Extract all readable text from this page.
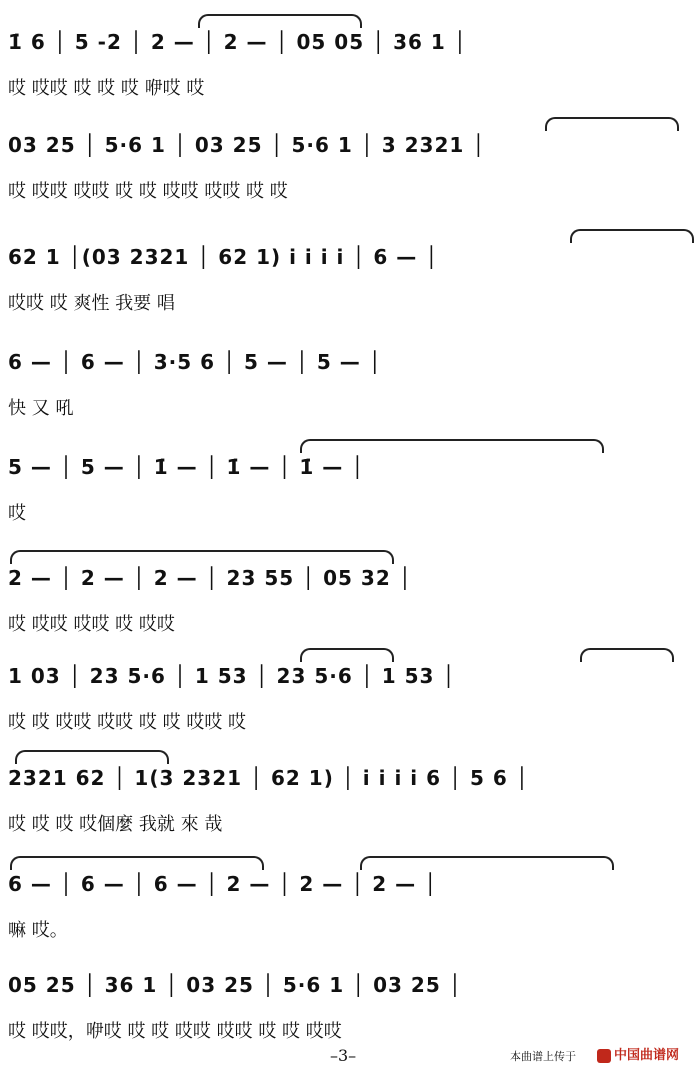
1̇ 6 │ 5 -2 │ 2 — │ 2 — │ 05 05 │ 36 1 │
哎 哎哎 哎 哎 哎 咿哎 哎
03 25 │ 5·6 1 │ 03 25 │ 5·6 1 │ 3 2321 │
哎 哎哎 哎哎 哎 哎 哎哎 哎哎 哎 哎
62 1 │(03 2321 │ 62 1) i i i i │ 6 — │
哎哎 哎 爽性 我要 唱
6 — │ 6 — │ 3·5 6 │ 5 — │ 5 — │
快 又 吼
5 — │ 5 — │ 1̇ — │ 1̇ — │ 1̇ — │
哎
2 — │ 2 — │ 2 — │ 23 55 │ 05 32 │
哎 哎哎 哎哎 哎 哎哎
1 03 │ 23 5·6 │ 1 53 │ 23 5·6 │ 1 53 │
哎 哎 哎哎 哎哎 哎 哎 哎哎 哎
2321 62 │ 1(3 2321 │ 62 1) │ i i i i 6 │ 5 6 │
哎 哎 哎 哎個麼 我就 來 哉
6 — │ 6 — │ 6 — │ 2 — │ 2 — │ 2 — │
嘛 哎。
05 25 │ 36 1 │ 03 25 │ 5·6 1 │ 03 25 │
哎 哎哎，咿哎 哎 哎 哎哎 哎哎 哎 哎 哎哎
–3–	本曲谱上传于	中国曲谱网
